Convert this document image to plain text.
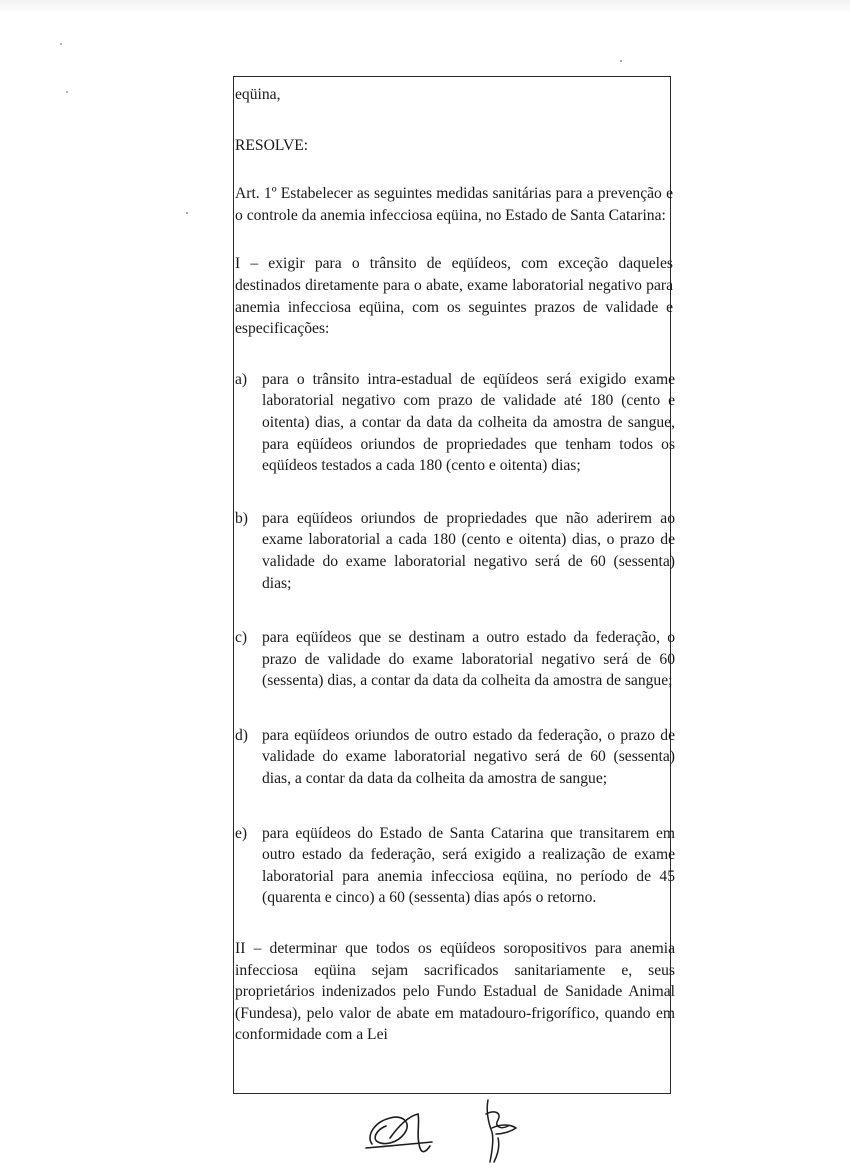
eqüina,

RESOLVE:

Art. 1º Estabelecer as seguintes medidas sanitárias para a prevenção e o controle da anemia infecciosa eqüina, no Estado de Santa Catarina:

I – exigir para o trânsito de eqüídeos, com exceção daqueles destinados diretamente para o abate, exame laboratorial negativo para anemia infecciosa eqüina, com os seguintes prazos de validade e especificações:

a) para o trânsito intra-estadual de eqüídeos será exigido exame laboratorial negativo com prazo de validade até 180 (cento e oitenta) dias, a contar da data da colheita da amostra de sangue, para eqüídeos oriundos de propriedades que tenham todos os eqüídeos testados a cada 180 (cento e oitenta) dias;
b) para eqüídeos oriundos de propriedades que não aderirem ao exame laboratorial a cada 180 (cento e oitenta) dias, o prazo de validade do exame laboratorial negativo será de 60 (sessenta) dias;
c) para eqüídeos que se destinam a outro estado da federação, o prazo de validade do exame laboratorial negativo será de 60 (sessenta) dias, a contar da data da colheita da amostra de sangue;
d) para eqüídeos oriundos de outro estado da federação, o prazo de validade do exame laboratorial negativo será de 60 (sessenta) dias, a contar da data da colheita da amostra de sangue;
e) para eqüídeos do Estado de Santa Catarina que transitarem em outro estado da federação, será exigido a realização de exame laboratorial para anemia infecciosa eqüina, no período de 45 (quarenta e cinco) a 60 (sessenta) dias após o retorno.

II – determinar que todos os eqüídeos soropositivos para anemia infecciosa eqüina sejam sacrificados sanitariamente e, seus proprietários indenizados pelo Fundo Estadual de Sanidade Animal (Fundesa), pelo valor de abate em matadouro-frigorífico, quando em conformidade com a Lei
